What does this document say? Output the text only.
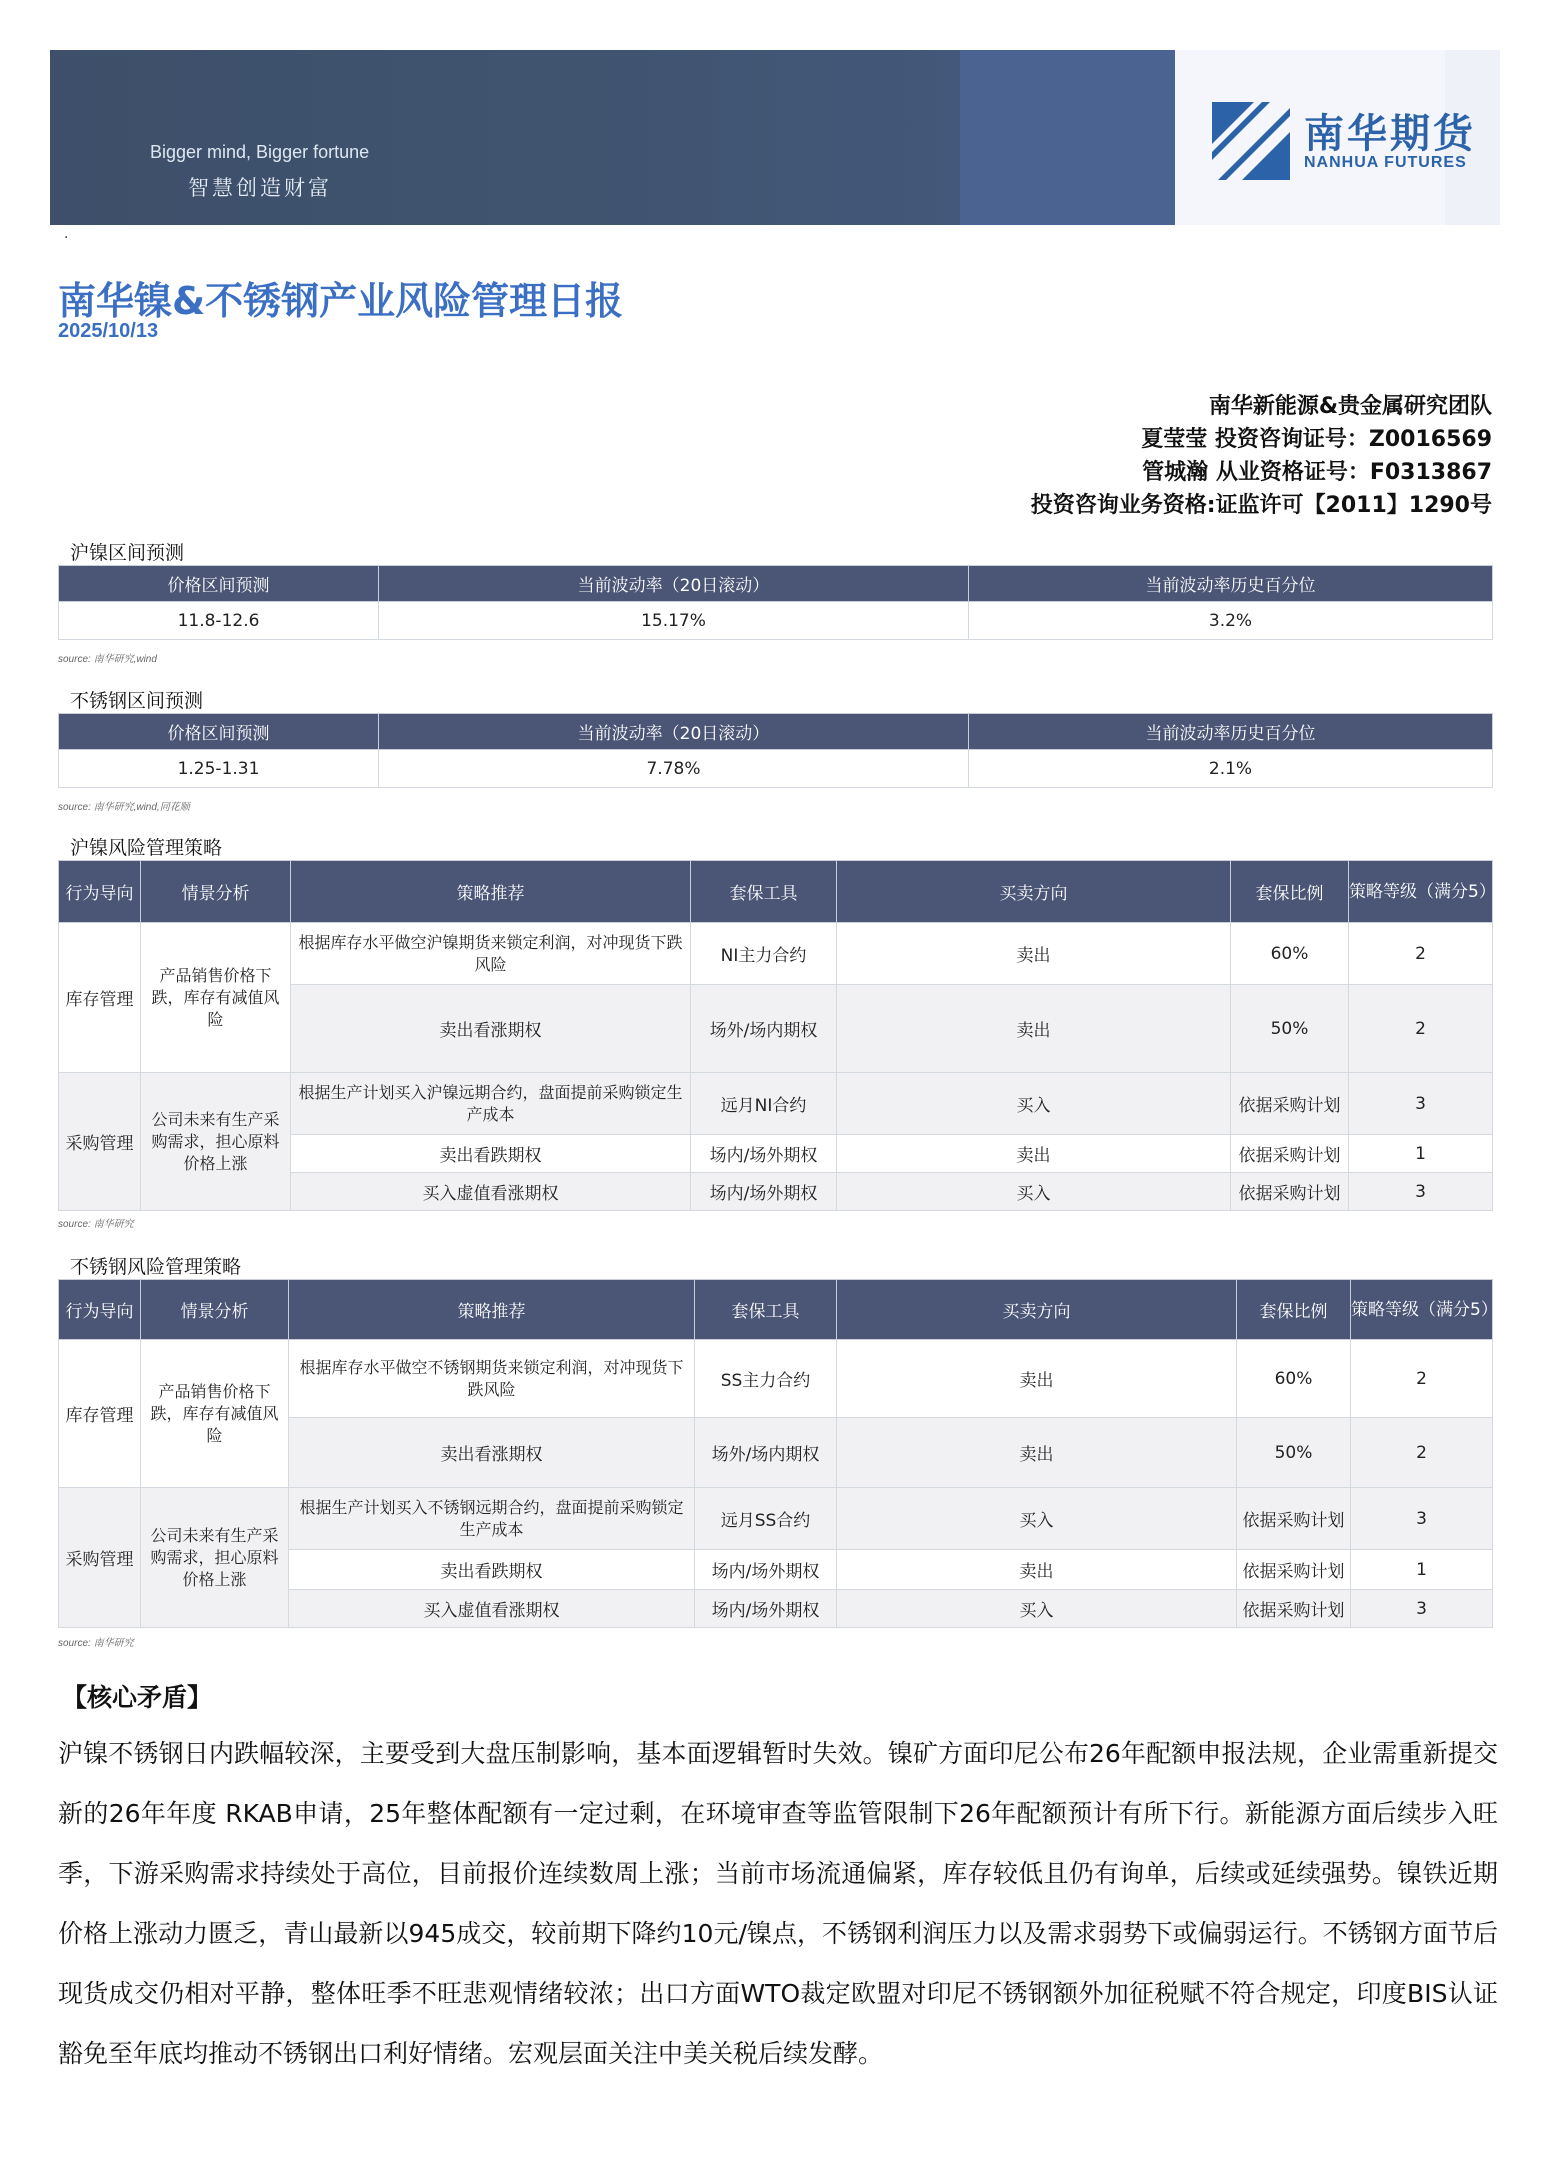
Bigger mind, Bigger fortune
智慧创造财富
南华期货
NANHUA FUTURES
·
南华镍&不锈钢产业风险管理日报
2025/10/13
南华新能源&贵金属研究团队
夏莹莹 投资咨询证号：Z0016569
管城瀚 从业资格证号：F0313867
投资咨询业务资格:证监许可【2011】1290号
沪镍区间预测
价格区间预测	当前波动率（20日滚动）	当前波动率历史百分位
11.8-12.6	15.17%	3.2%
source: 南华研究,wind
不锈钢区间预测
价格区间预测	当前波动率（20日滚动）	当前波动率历史百分位
1.25-1.31	7.78%	2.1%
source: 南华研究,wind,同花顺
沪镍风险管理策略
行为导向	情景分析	策略推荐	套保工具	买卖方向	套保比例	策略等级（满分5）
库存管理	产品销售价格下跌，库存有减值风险	根据库存水平做空沪镍期货来锁定利润，对冲现货下跌风险	NI主力合约	卖出	60%	2
		卖出看涨期权	场外/场内期权	卖出	50%	2
采购管理	公司未来有生产采购需求，担心原料价格上涨	根据生产计划买入沪镍远期合约，盘面提前采购锁定生产成本	远月NI合约	买入	依据采购计划	3
		卖出看跌期权	场内/场外期权	卖出	依据采购计划	1
		买入虚值看涨期权	场内/场外期权	买入	依据采购计划	3
source: 南华研究
不锈钢风险管理策略
行为导向	情景分析	策略推荐	套保工具	买卖方向	套保比例	策略等级（满分5）
库存管理	产品销售价格下跌，库存有减值风险	根据库存水平做空不锈钢期货来锁定利润，对冲现货下跌风险	SS主力合约	卖出	60%	2
		卖出看涨期权	场外/场内期权	卖出	50%	2
采购管理	公司未来有生产采购需求，担心原料价格上涨	根据生产计划买入不锈钢远期合约，盘面提前采购锁定生产成本	远月SS合约	买入	依据采购计划	3
		卖出看跌期权	场内/场外期权	卖出	依据采购计划	1
		买入虚值看涨期权	场内/场外期权	买入	依据采购计划	3
source: 南华研究
【核心矛盾】
沪镍不锈钢日内跌幅较深，主要受到大盘压制影响，基本面逻辑暂时失效。镍矿方面印尼公布26年配额申报法规，企业需重新提交新的26年年度 RKAB申请，25年整体配额有一定过剩，在环境审查等监管限制下26年配额预计有所下行。新能源方面后续步入旺季，下游采购需求持续处于高位，目前报价连续数周上涨；当前市场流通偏紧，库存较低且仍有询单，后续或延续强势。镍铁近期价格上涨动力匮乏，青山最新以945成交，较前期下降约10元/镍点，不锈钢利润压力以及需求弱势下或偏弱运行。不锈钢方面节后现货成交仍相对平静，整体旺季不旺悲观情绪较浓；出口方面WTO裁定欧盟对印尼不锈钢额外加征税赋不符合规定，印度BIS认证豁免至年底均推动不锈钢出口利好情绪。宏观层面关注中美关税后续发酵。
